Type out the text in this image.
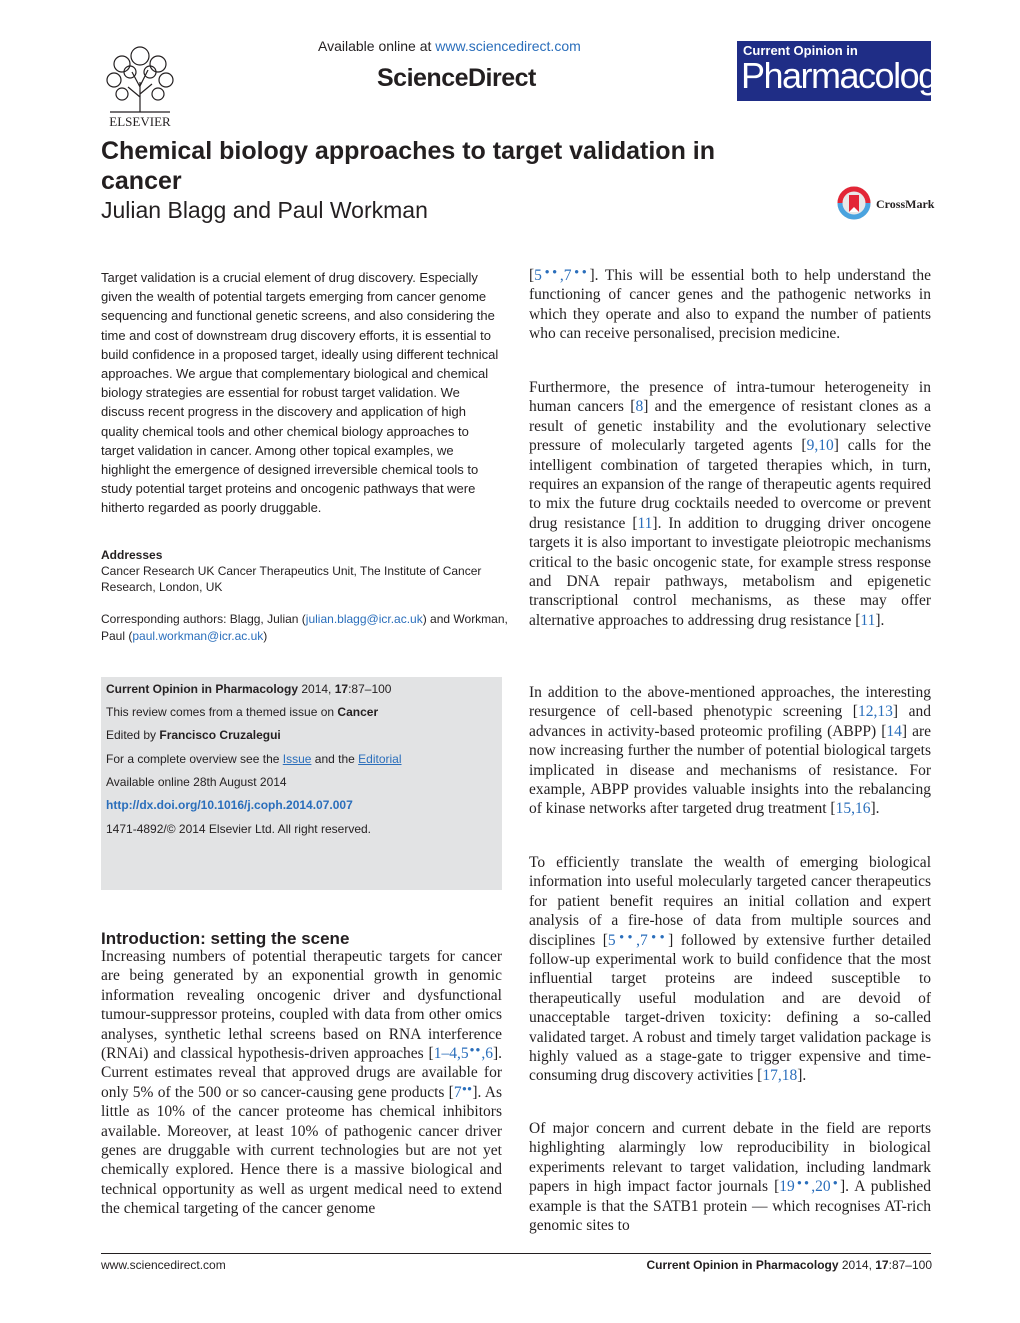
ELSEVIER
Available online at www.sciencedirect.com
ScienceDirect
Current Opinion in
Pharmacology
Chemical biology approaches to target validation in cancer
Julian Blagg and Paul Workman	CrossMark
Target validation is a crucial element of drug discovery. Especially given the wealth of potential targets emerging from cancer genome sequencing and functional genetic screens, and also considering the time and cost of downstream drug discovery efforts, it is essential to build confidence in a proposed target, ideally using different technical approaches. We argue that complementary biological and chemical biology strategies are essential for robust target validation. We discuss recent progress in the discovery and application of high quality chemical tools and other chemical biology approaches to target validation in cancer. Among other topical examples, we highlight the emergence of designed irreversible chemical tools to study potential target proteins and oncogenic pathways that were hitherto regarded as poorly druggable.
Addresses
Cancer Research UK Cancer Therapeutics Unit, The Institute of Cancer Research, London, UK
Corresponding authors: Blagg, Julian (julian.blagg@icr.ac.uk) and Workman, Paul (paul.workman@icr.ac.uk)
Current Opinion in Pharmacology 2014, 17:87–100
This review comes from a themed issue on Cancer
Edited by Francisco Cruzalegui
For a complete overview see the Issue and the Editorial
Available online 28th August 2014
http://dx.doi.org/10.1016/j.coph.2014.07.007
1471-4892/© 2014 Elsevier Ltd. All right reserved.
Introduction: setting the scene

Increasing numbers of potential therapeutic targets for cancer are being generated by an exponential growth in genomic information revealing oncogenic driver and dysfunctional tumour-suppressor proteins, coupled with data from other omics analyses, synthetic lethal screens based on RNA interference (RNAi) and classical hypothesis-driven approaches [1–4,5●●,6]. Current estimates reveal that approved drugs are available for only 5% of the 500 or so cancer-causing gene products [7●●]. As little as 10% of the cancer proteome has chemical inhibitors available. Moreover, at least 10% of pathogenic cancer driver genes are druggable with current technologies but are not yet chemically explored. Hence there is a massive biological and technical opportunity as well as urgent medical need to extend the chemical targeting of the cancer genome

[5●●,7●●]. This will be essential both to help understand the functioning of cancer genes and the pathogenic networks in which they operate and also to expand the number of patients who can receive personalised, precision medicine.

Furthermore, the presence of intra-tumour heterogeneity in human cancers [8] and the emergence of resistant clones as a result of genetic instability and the evolutionary selective pressure of molecularly targeted agents [9,10] calls for the intelligent combination of targeted therapies which, in turn, requires an expansion of the range of therapeutic agents required to mix the future drug cocktails needed to overcome or prevent drug resistance [11]. In addition to drugging driver oncogene targets it is also important to investigate pleiotropic mechanisms critical to the basic oncogenic state, for example stress response and DNA repair pathways, metabolism and epigenetic transcriptional control mechanisms, as these may offer alternative approaches to addressing drug resistance [11].

In addition to the above-mentioned approaches, the interesting resurgence of cell-based phenotypic screening [12,13] and advances in activity-based proteomic profiling (ABPP) [14] are now increasing further the number of potential biological targets implicated in disease and mechanisms of resistance. For example, ABPP provides valuable insights into the rebalancing of kinase networks after targeted drug treatment [15,16].

To efficiently translate the wealth of emerging biological information into useful molecularly targeted cancer therapeutics for patient benefit requires an initial collation and expert analysis of a fire-hose of data from multiple sources and disciplines [5●●,7●●] followed by extensive further detailed follow-up experimental work to build confidence that the most influential target proteins are indeed susceptible to therapeutically useful modulation and are devoid of unacceptable target-driven toxicity: defining a so-called validated target. A robust and timely target validation package is highly valued as a stage-gate to trigger expensive and time-consuming drug discovery activities [17,18].

Of major concern and current debate in the field are reports highlighting alarmingly low reproducibility in biological experiments relevant to target validation, including landmark papers in high impact factor journals [19●●,20●]. A published example is that the SATB1 protein — which recognises AT-rich genomic sites to

www.sciencedirect.com	Current Opinion in Pharmacology 2014, 17:87–100
